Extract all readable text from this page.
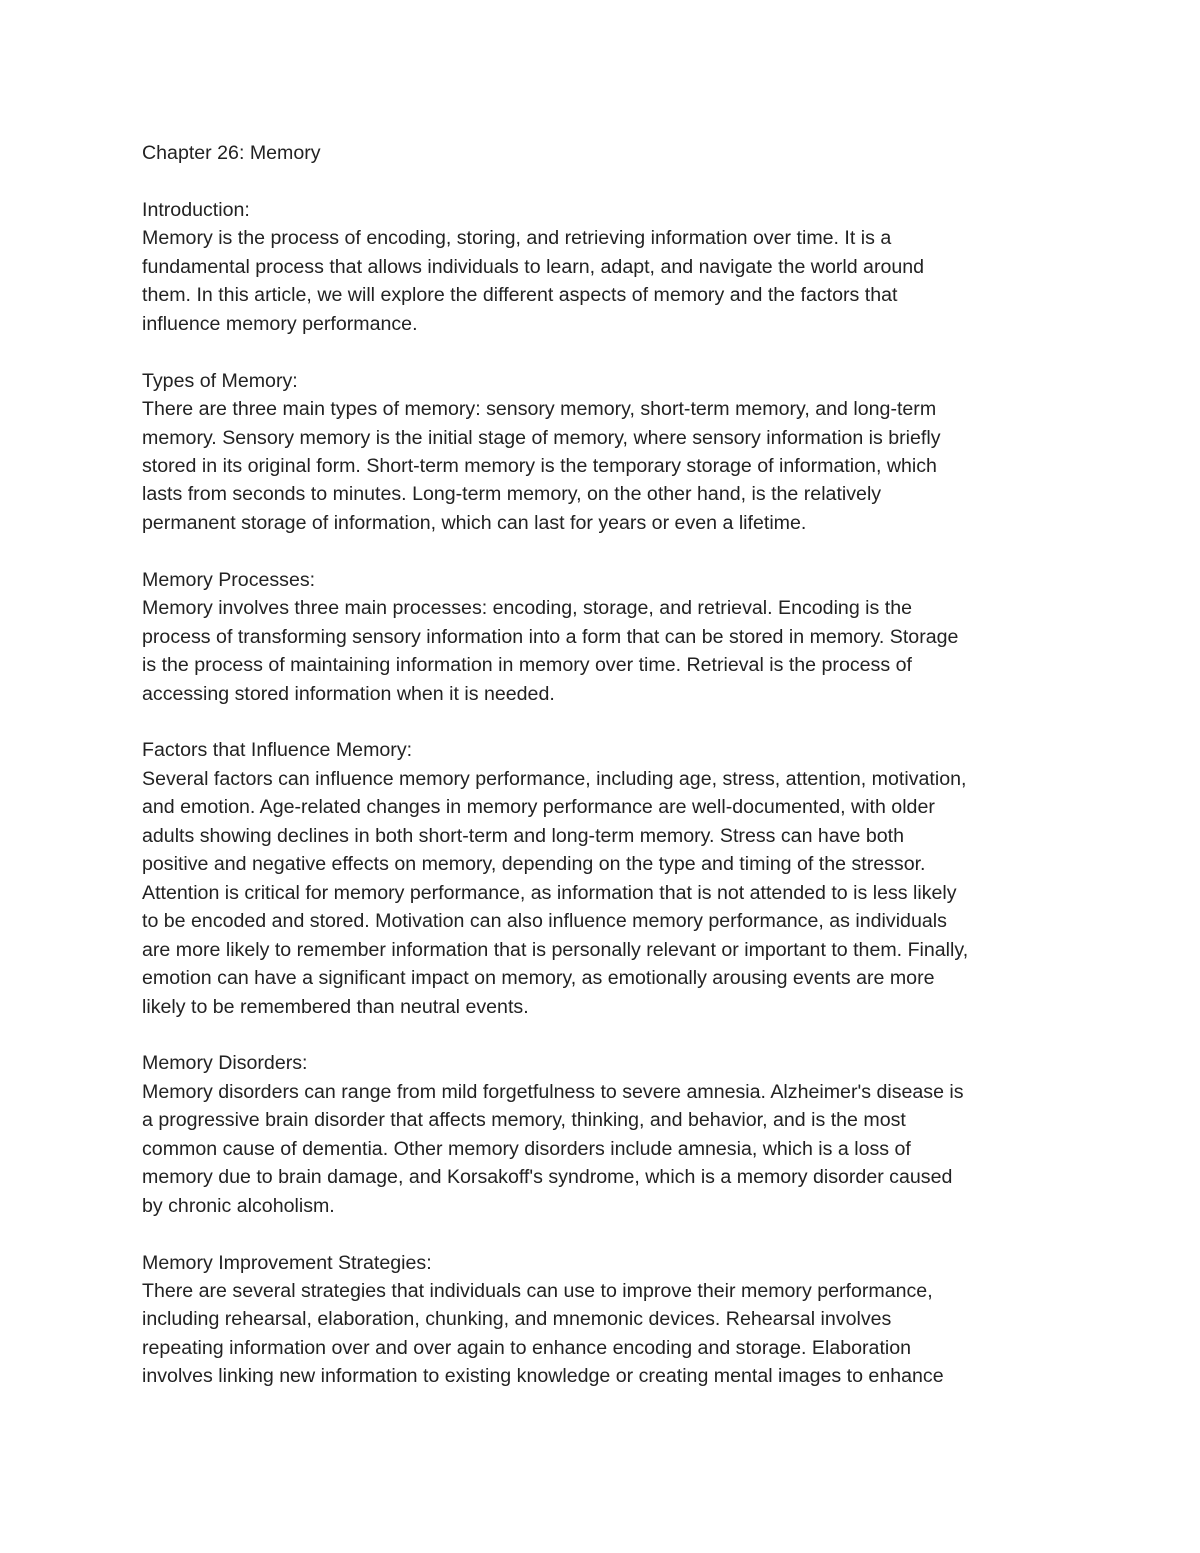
Chapter 26: Memory
Introduction:

Memory is the process of encoding, storing, and retrieving information over time. It is a
fundamental process that allows individuals to learn, adapt, and navigate the world around
them. In this article, we will explore the different aspects of memory and the factors that
influence memory performance.

Types of Memory:

There are three main types of memory: sensory memory, short-term memory, and long-term
memory. Sensory memory is the initial stage of memory, where sensory information is briefly
stored in its original form. Short-term memory is the temporary storage of information, which
lasts from seconds to minutes. Long-term memory, on the other hand, is the relatively
permanent storage of information, which can last for years or even a lifetime.

Memory Processes:

Memory involves three main processes: encoding, storage, and retrieval. Encoding is the
process of transforming sensory information into a form that can be stored in memory. Storage
is the process of maintaining information in memory over time. Retrieval is the process of
accessing stored information when it is needed.

Factors that Influence Memory:

Several factors can influence memory performance, including age, stress, attention, motivation,
and emotion. Age-related changes in memory performance are well-documented, with older
adults showing declines in both short-term and long-term memory. Stress can have both
positive and negative effects on memory, depending on the type and timing of the stressor.
Attention is critical for memory performance, as information that is not attended to is less likely
to be encoded and stored. Motivation can also influence memory performance, as individuals
are more likely to remember information that is personally relevant or important to them. Finally,
emotion can have a significant impact on memory, as emotionally arousing events are more
likely to be remembered than neutral events.

Memory Disorders:

Memory disorders can range from mild forgetfulness to severe amnesia. Alzheimer's disease is
a progressive brain disorder that affects memory, thinking, and behavior, and is the most
common cause of dementia. Other memory disorders include amnesia, which is a loss of
memory due to brain damage, and Korsakoff's syndrome, which is a memory disorder caused
by chronic alcoholism.

Memory Improvement Strategies:

There are several strategies that individuals can use to improve their memory performance,
including rehearsal, elaboration, chunking, and mnemonic devices. Rehearsal involves
repeating information over and over again to enhance encoding and storage. Elaboration
involves linking new information to existing knowledge or creating mental images to enhance
